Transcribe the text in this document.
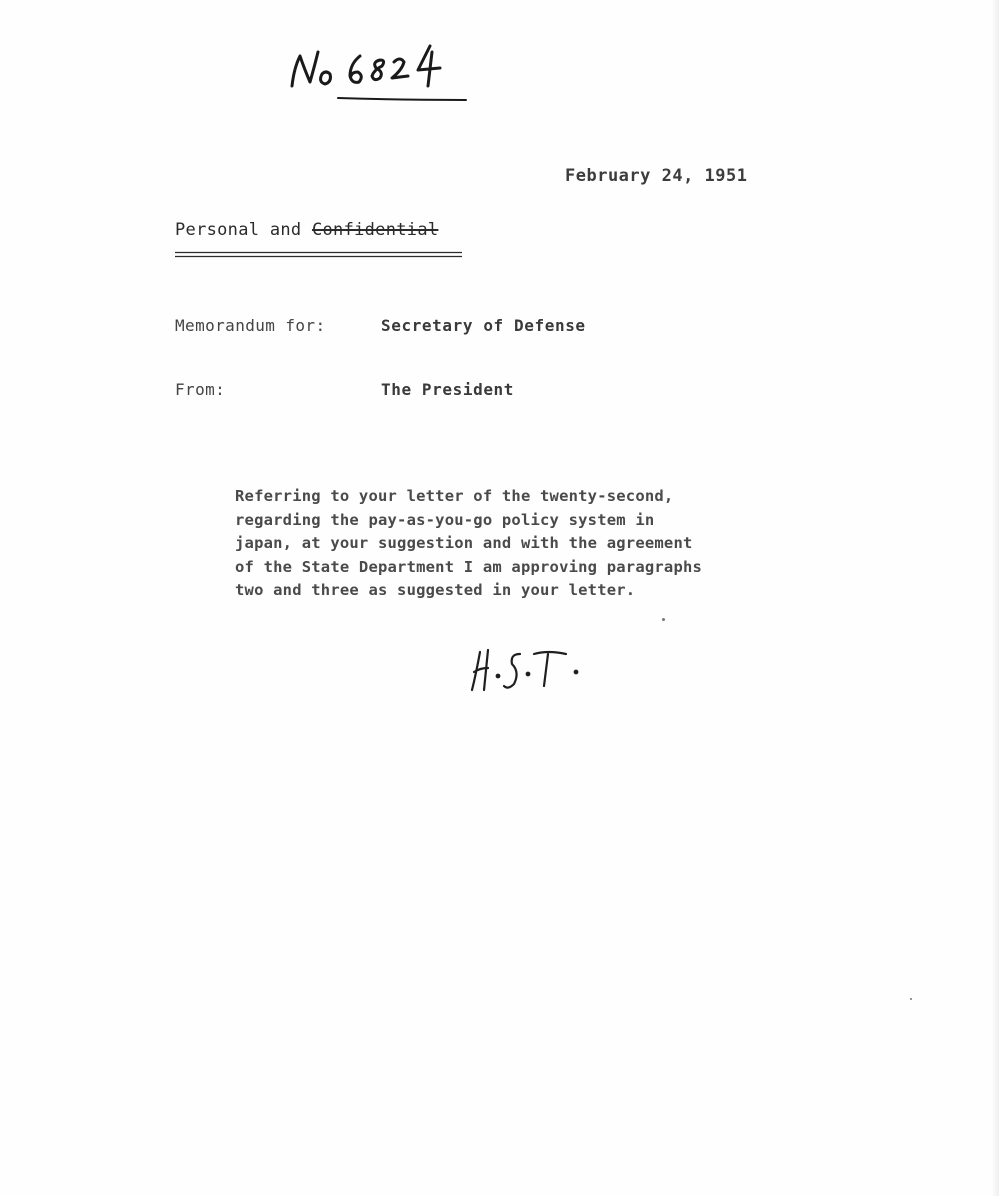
February 24, 1951
Personal and Confidential
Memorandum for:	Secretary of Defense
From:	The President
Referring to your letter of the twenty-second,
regarding the pay-as-you-go policy system in
japan, at your suggestion and with the agreement
of the State Department I am approving paragraphs
two and three as suggested in your letter.
